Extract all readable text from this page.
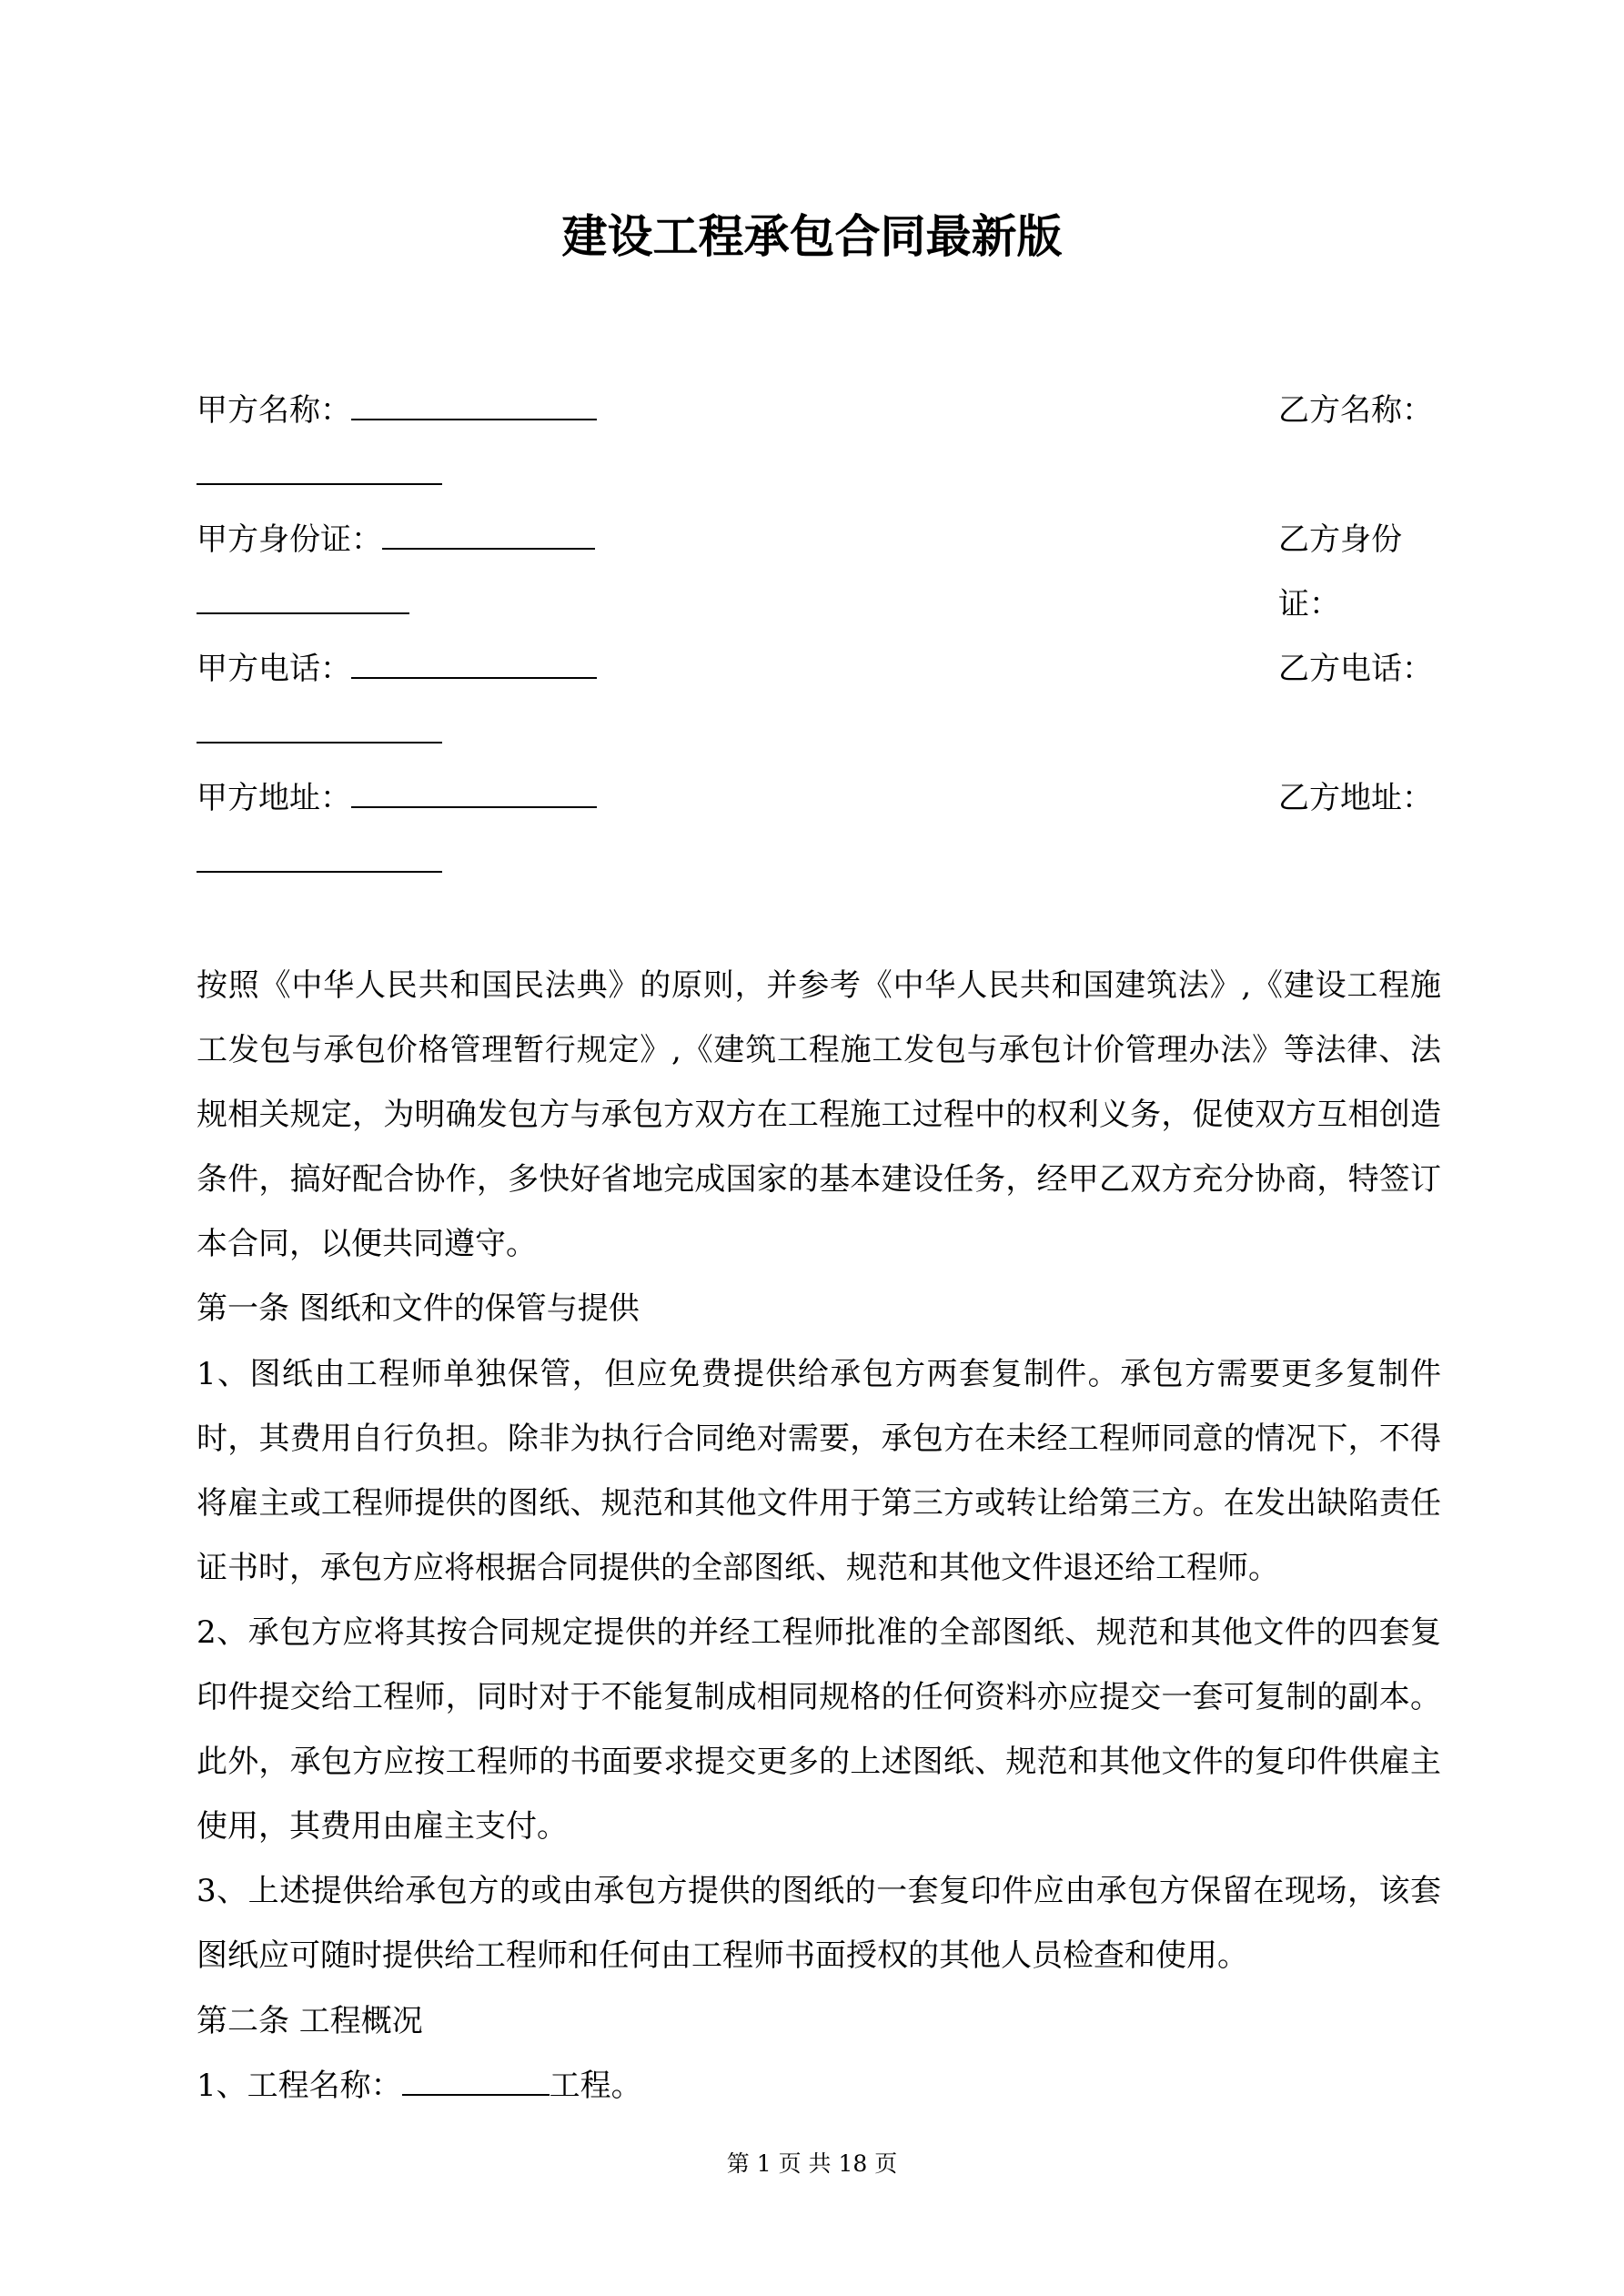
建设工程承包合同最新版
甲方名称：	乙方名称：
甲方身份证：	乙方身份证：
甲方电话：	乙方电话：
甲方地址：	乙方地址：

按照《中华人民共和国民法典》的原则，并参考《中华人民共和国建筑法》,《建设工程施工发包与承包价格管理暂行规定》,《建筑工程施工发包与承包计价管理办法》等法律、法规相关规定，为明确发包方与承包方双方在工程施工过程中的权利义务，促使双方互相创造条件，搞好配合协作，多快好省地完成国家的基本建设任务，经甲乙双方充分协商，特签订本合同，以便共同遵守。

第一条 图纸和文件的保管与提供

1、图纸由工程师单独保管，但应免费提供给承包方两套复制件。承包方需要更多复制件时，其费用自行负担。除非为执行合同绝对需要，承包方在未经工程师同意的情况下，不得将雇主或工程师提供的图纸、规范和其他文件用于第三方或转让给第三方。在发出缺陷责任证书时，承包方应将根据合同提供的全部图纸、规范和其他文件退还给工程师。

2、承包方应将其按合同规定提供的并经工程师批准的全部图纸、规范和其他文件的四套复印件提交给工程师，同时对于不能复制成相同规格的任何资料亦应提交一套可复制的副本。此外，承包方应按工程师的书面要求提交更多的上述图纸、规范和其他文件的复印件供雇主使用，其费用由雇主支付。

3、上述提供给承包方的或由承包方提供的图纸的一套复印件应由承包方保留在现场，该套图纸应可随时提供给工程师和任何由工程师书面授权的其他人员检查和使用。

第二条 工程概况

1、工程名称：	工程。

第 1 页 共 18 页
